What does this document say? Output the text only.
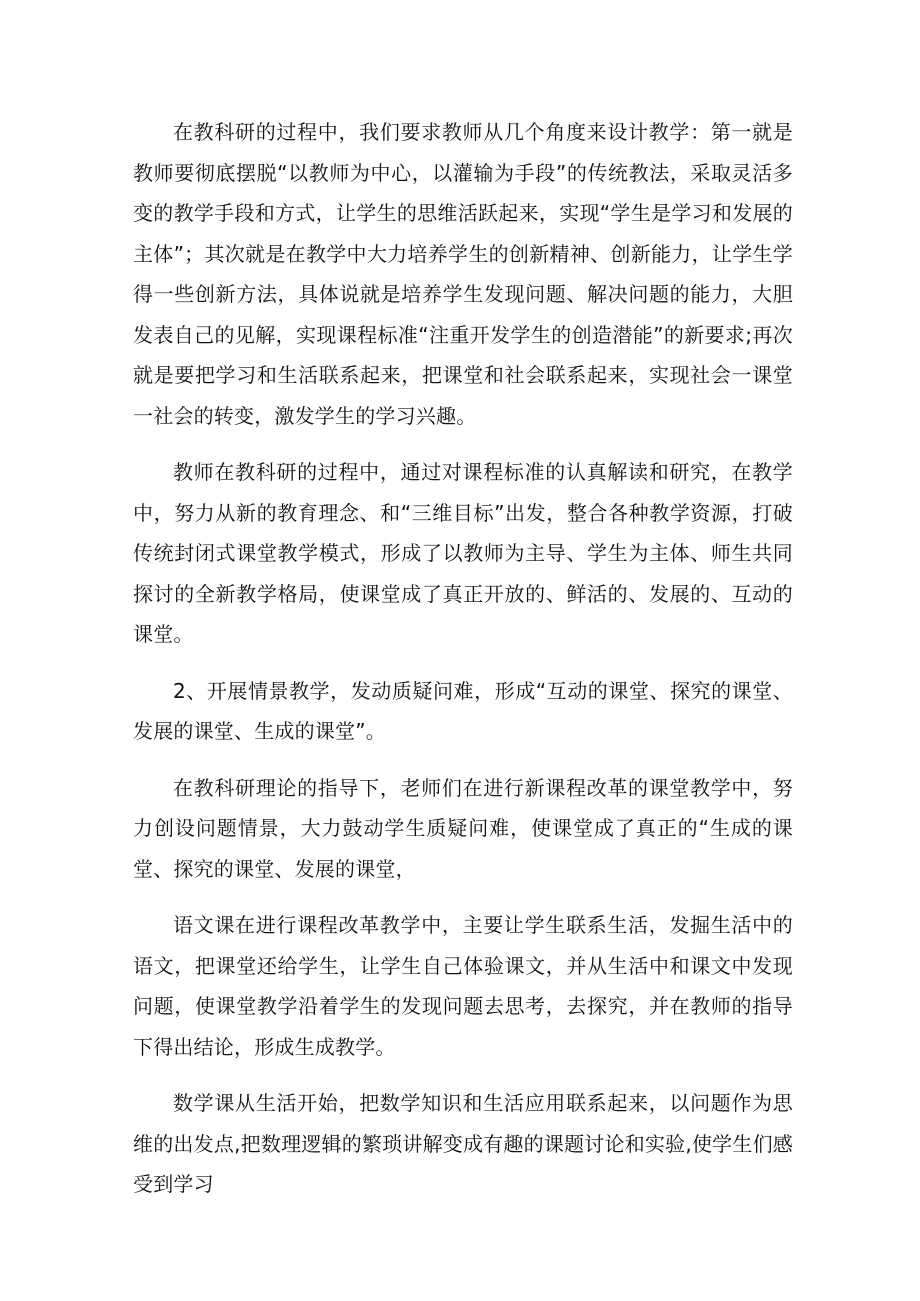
在教科研的过程中，我们要求教师从几个角度来设计教学：第一就是教师要彻底摆脱“以教师为中心，以灌输为手段”的传统教法，采取灵活多变的教学手段和方式，让学生的思维活跃起来，实现“学生是学习和发展的主体”；其次就是在教学中大力培养学生的创新精神、创新能力，让学生学得一些创新方法，具体说就是培养学生发现问题、解决问题的能力，大胆发表自己的见解，实现课程标准“注重开发学生的创造潜能”的新要求;再次就是要把学习和生活联系起来，把课堂和社会联系起来，实现社会一课堂一社会的转变，激发学生的学习兴趣。

教师在教科研的过程中，通过对课程标准的认真解读和研究，在教学中，努力从新的教育理念、和“三维目标”出发，整合各种教学资源，打破传统封闭式课堂教学模式，形成了以教师为主导、学生为主体、师生共同探讨的全新教学格局，使课堂成了真正开放的、鲜活的、发展的、互动的课堂。

2、开展情景教学，发动质疑问难，形成“互动的课堂、探究的课堂、发展的课堂、生成的课堂”。

在教科研理论的指导下，老师们在进行新课程改革的课堂教学中，努力创设问题情景，大力鼓动学生质疑问难，使课堂成了真正的“生成的课堂、探究的课堂、发展的课堂，

语文课在进行课程改革教学中，主要让学生联系生活，发掘生活中的语文，把课堂还给学生，让学生自己体验课文，并从生活中和课文中发现问题，使课堂教学沿着学生的发现问题去思考，去探究，并在教师的指导下得出结论，形成生成教学。

数学课从生活开始，把数学知识和生活应用联系起来，以问题作为思维的出发点,把数理逻辑的繁琐讲解变成有趣的课题讨论和实验,使学生们感受到学习
